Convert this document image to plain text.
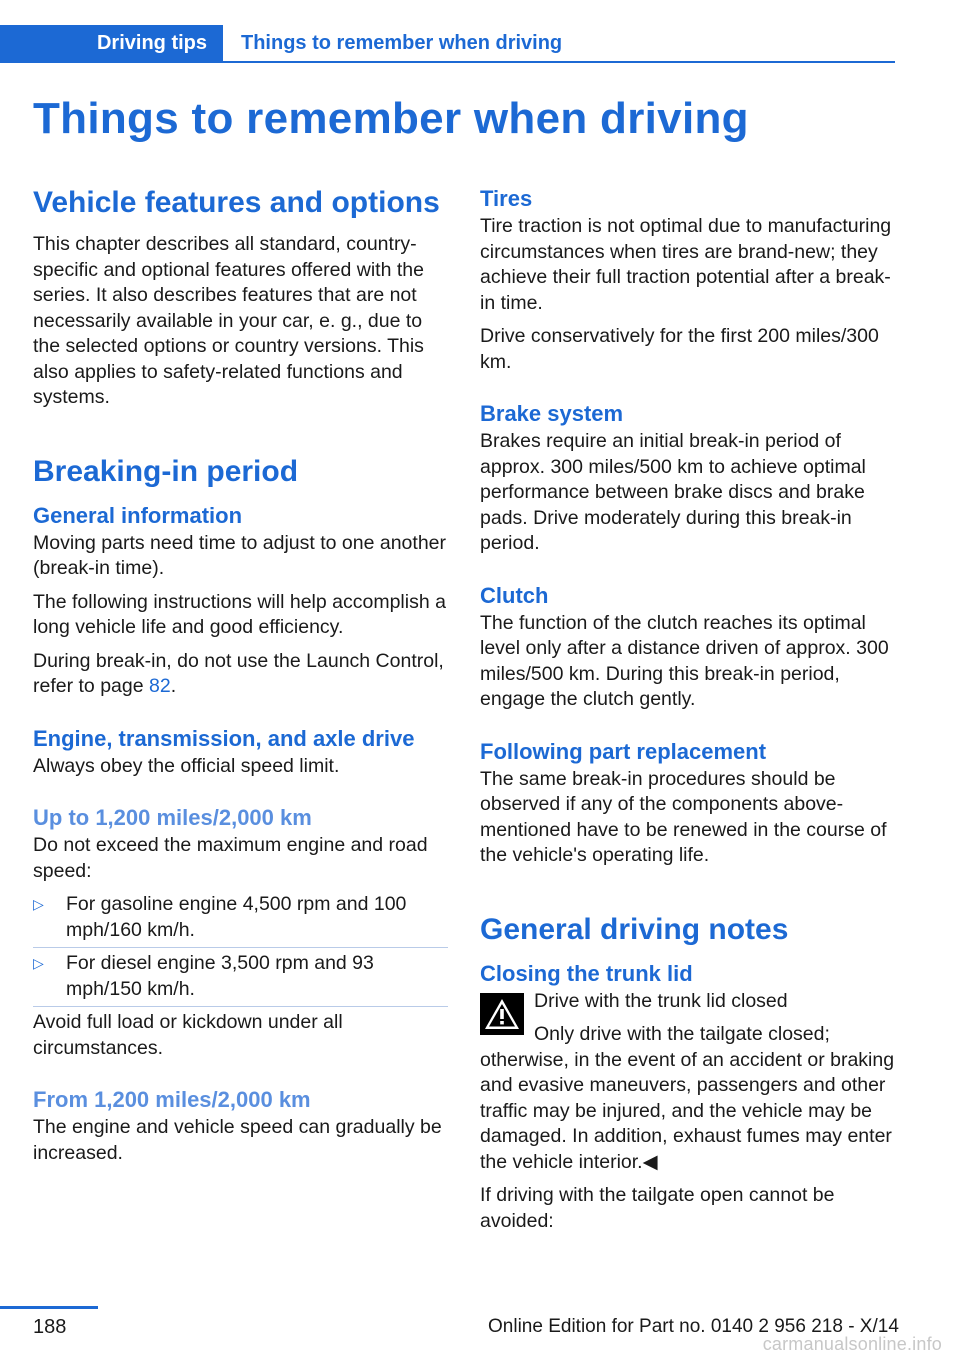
Driving tips	Things to remember when driving
Things to remember when driving
Vehicle features and options

This chapter describes all standard, country-specific and optional features offered with the series. It also describes features that are not necessarily available in your car, e. g., due to the selected options or country versions. This also applies to safety-related functions and systems.

Breaking-in period
General information

Moving parts need time to adjust to one another (break-in time).

The following instructions will help accomplish a long vehicle life and good efficiency.

During break-in, do not use the Launch Control, refer to page 82.

Engine, transmission, and axle drive

Always obey the official speed limit.

Up to 1,200 miles/2,000 km

Do not exceed the maximum engine and road speed:

▷ For gasoline engine 4,500 rpm and 100 mph/160 km/h.
▷ For diesel engine 3,500 rpm and 93 mph/150 km/h.

Avoid full load or kickdown under all circumstances.

From 1,200 miles/2,000 km

The engine and vehicle speed can gradually be increased.

Tires

Tire traction is not optimal due to manufacturing circumstances when tires are brand-new; they achieve their full traction potential after a break-in time.

Drive conservatively for the first 200 miles/300 km.

Brake system

Brakes require an initial break-in period of approx. 300 miles/500 km to achieve optimal performance between brake discs and brake pads. Drive moderately during this break-in period.

Clutch

The function of the clutch reaches its optimal level only after a distance driven of approx. 300 miles/500 km. During this break-in period, engage the clutch gently.

Following part replacement

The same break-in procedures should be observed if any of the components above-mentioned have to be renewed in the course of the vehicle's operating life.

General driving notes
Closing the trunk lid

Drive with the trunk lid closed

Only drive with the tailgate closed; otherwise, in the event of an accident or braking and evasive maneuvers, passengers and other traffic may be injured, and the vehicle may be damaged. In addition, exhaust fumes may enter the vehicle interior.◀

If driving with the tailgate open cannot be avoided:

188	Online Edition for Part no. 0140 2 956 218 - X/14
carmanualsonline.info
